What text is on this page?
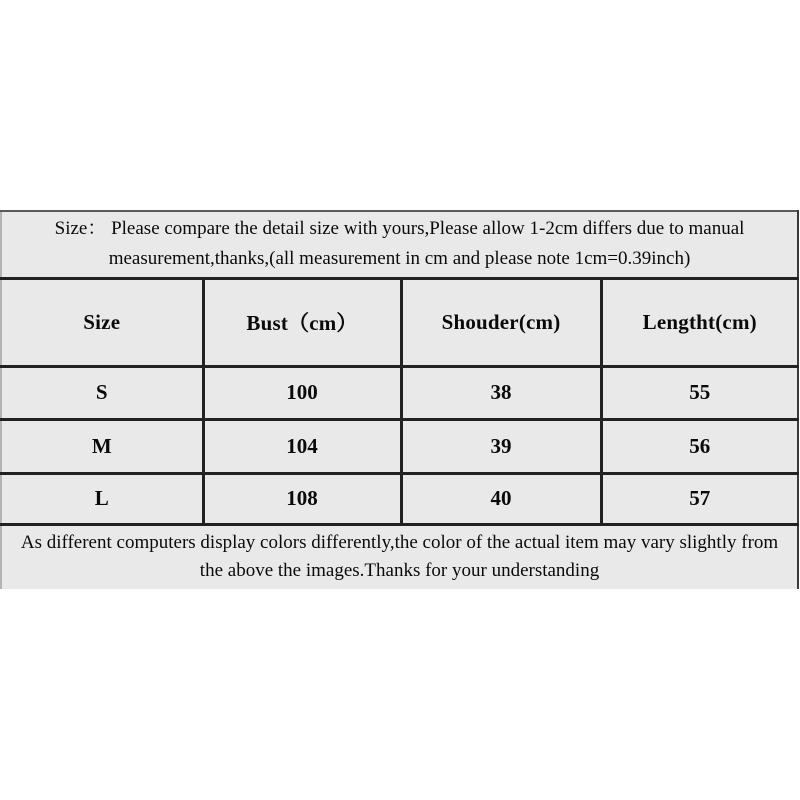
Size： Please compare the detail size with yours,Please allow 1-2cm differs due to manual
measurement,thanks,(all measurement in cm and please note 1cm=0.39inch)			

Size	Bust（cm）	Shouder(cm)	Lengtht(cm)
S	100	38	55
M	104	39	56
L	108	40	57

As different computers display colors differently,the color of the actual item may vary slightly from
the above the images.Thanks for your understanding			
